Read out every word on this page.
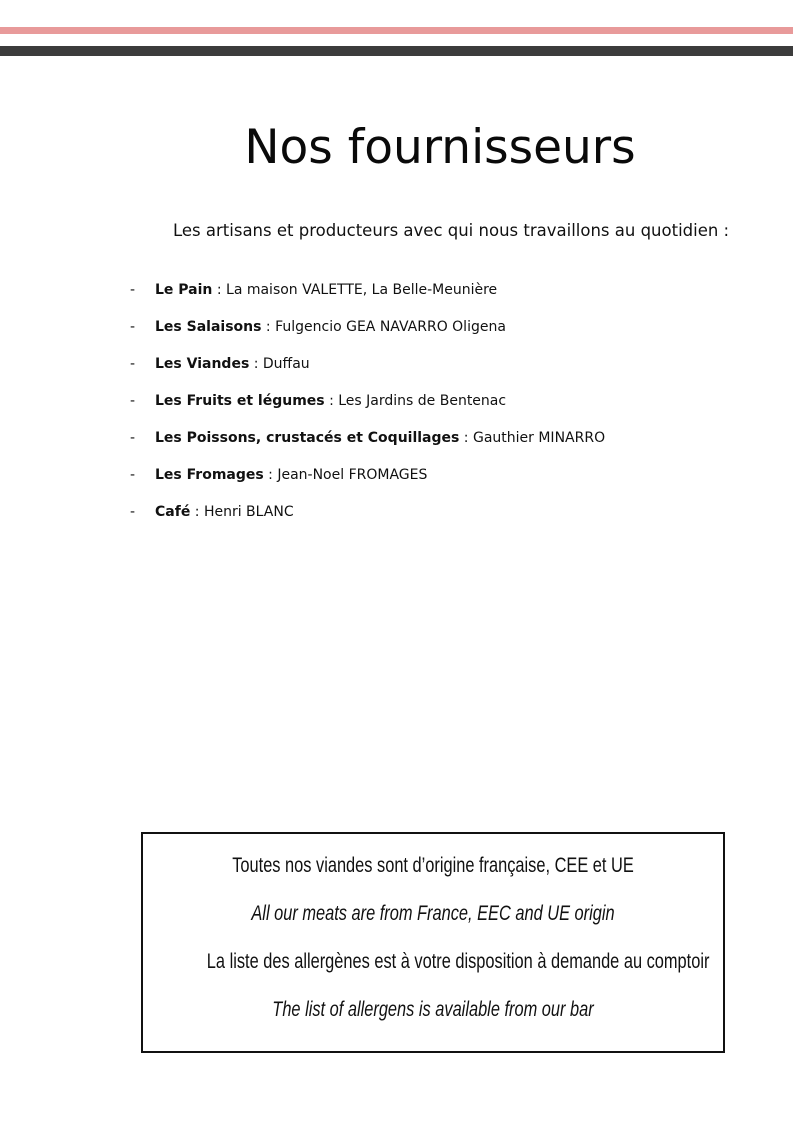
Nos fournisseurs
Les artisans et producteurs avec qui nous travaillons au quotidien :
- Le Pain : La maison VALETTE, La Belle-Meunière
- Les Salaisons : Fulgencio GEA NAVARRO Oligena
- Les Viandes : Duffau
- Les Fruits et légumes : Les Jardins de Bentenac
- Les Poissons, crustacés et Coquillages : Gauthier MINARRO
- Les Fromages : Jean-Noel FROMAGES
- Café : Henri BLANC
Toutes nos viandes sont d’origine française, CEE et UE
All our meats are from France, EEC and UE origin
La liste des allergènes est à votre disposition à demande au comptoir
The list of allergens is available from our bar
